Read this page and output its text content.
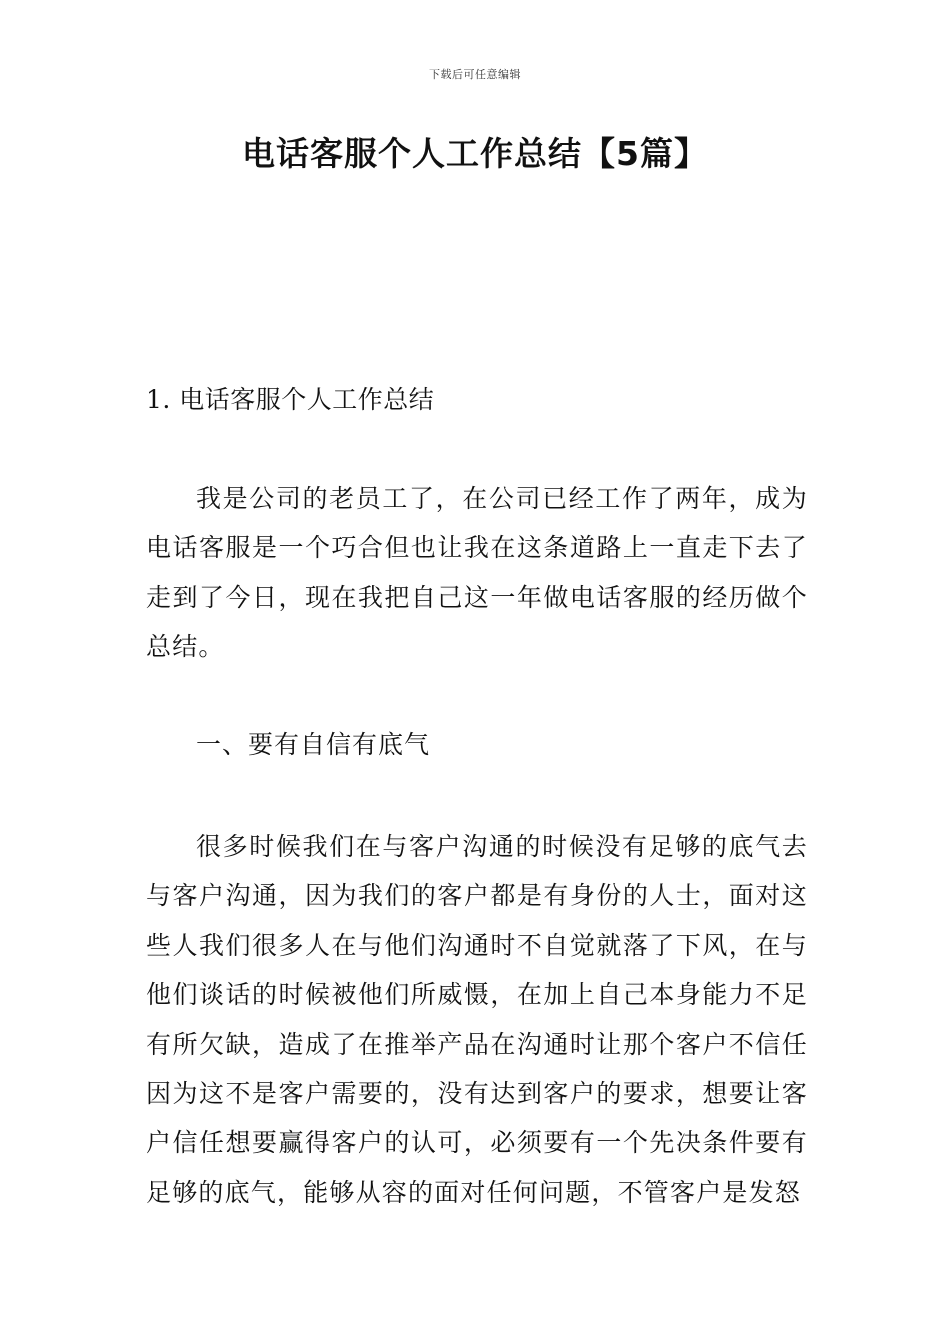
下载后可任意编辑
电话客服个人工作总结【5篇】
1. 电话客服个人工作总结

我是公司的老员工了，在公司已经工作了两年，成为电话客服是一个巧合但也让我在这条道路上一直走下去了走到了今日，现在我把自己这一年做电话客服的经历做个总结。

一、要有自信有底气

很多时候我们在与客户沟通的时候没有足够的底气去与客户沟通，因为我们的客户都是有身份的人士，面对这些人我们很多人在与他们沟通时不自觉就落了下风，在与他们谈话的时候被他们所威慑，在加上自己本身能力不足有所欠缺，造成了在推举产品在沟通时让那个客户不信任因为这不是客户需要的，没有达到客户的要求，想要让客户信任想要赢得客户的认可，必须要有一个先决条件要有足够的底气，能够从容的面对任何问题，不管客户是发怒
